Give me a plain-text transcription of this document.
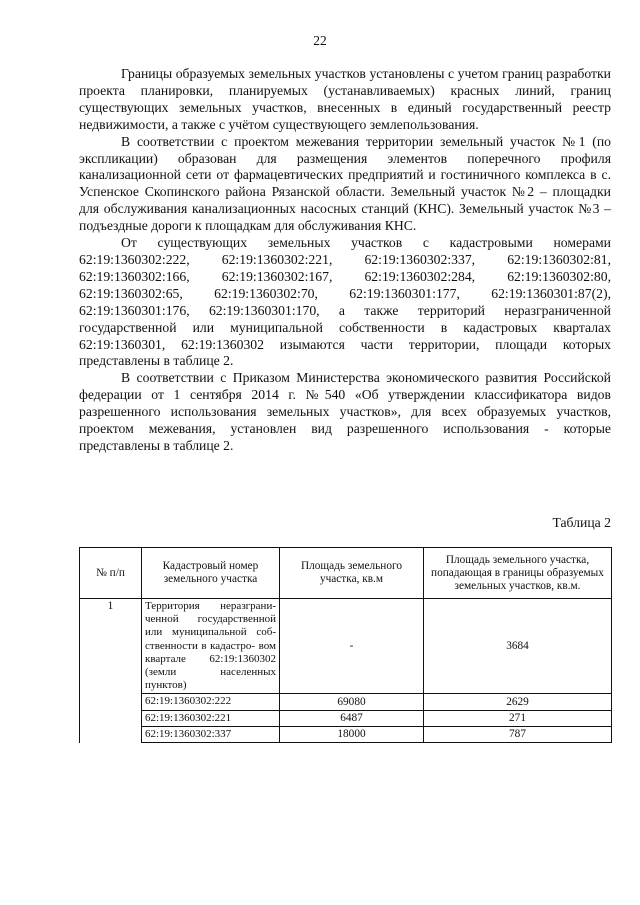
22

Границы образуемых земельных участков установлены с учетом границ разработки проекта планировки, планируемых (устанавливаемых) красных линий, границ существующих земельных участков, внесенных в единый государственный реестр недвижимости, а также с учётом существующего землепользования.

В соответствии с проектом межевания территории земельный участок №1 (по экспликации) образован для размещения элементов поперечного профиля канализационной сети от фармацевтических предприятий и гостиничного комплекса в с. Успенское Скопинского района Рязанской области. Земельный участок №2 – площадки для обслуживания канализационных насосных станций (КНС). Земельный участок №3 – подъездные дороги к площадкам для обслуживания КНС.

От существующих земельных участков с кадастровыми номерами 62:19:1360302:222, 62:19:1360302:221, 62:19:1360302:337, 62:19:1360302:81, 62:19:1360302:166, 62:19:1360302:167, 62:19:1360302:284, 62:19:1360302:80, 62:19:1360302:65, 62:19:1360302:70, 62:19:1360301:177, 62:19:1360301:87(2), 62:19:1360301:176, 62:19:1360301:170, а также территорий неразграниченной государственной или муниципальной собственности в кадастровых кварталах 62:19:1360301, 62:19:1360302 изымаются части территории, площади которых представлены в таблице 2.

В соответствии с Приказом Министерства экономического развития Российской федерации от 1 сентября 2014 г. №540 «Об утверждении классификатора видов разрешенного использования земельных участков», для всех образуемых участков, проектом межевания, установлен вид разрешенного использования - которые представлены в таблице 2.

Таблица 2
№ п/п	Кадастровый номер земельного участка	Площадь земельного участка, кв.м	Площадь земельного участка, попадающая в границы образуемых земельных участков, кв.м.
1	Территория неразграни- ченной государственной или муниципальной соб- ственности в кадастро- вом квартале 62:19:1360302 (земли населенных пунктов)	-	3684
	62:19:1360302:222	69080	2629
	62:19:1360302:221	6487	271
	62:19:1360302:337	18000	787
